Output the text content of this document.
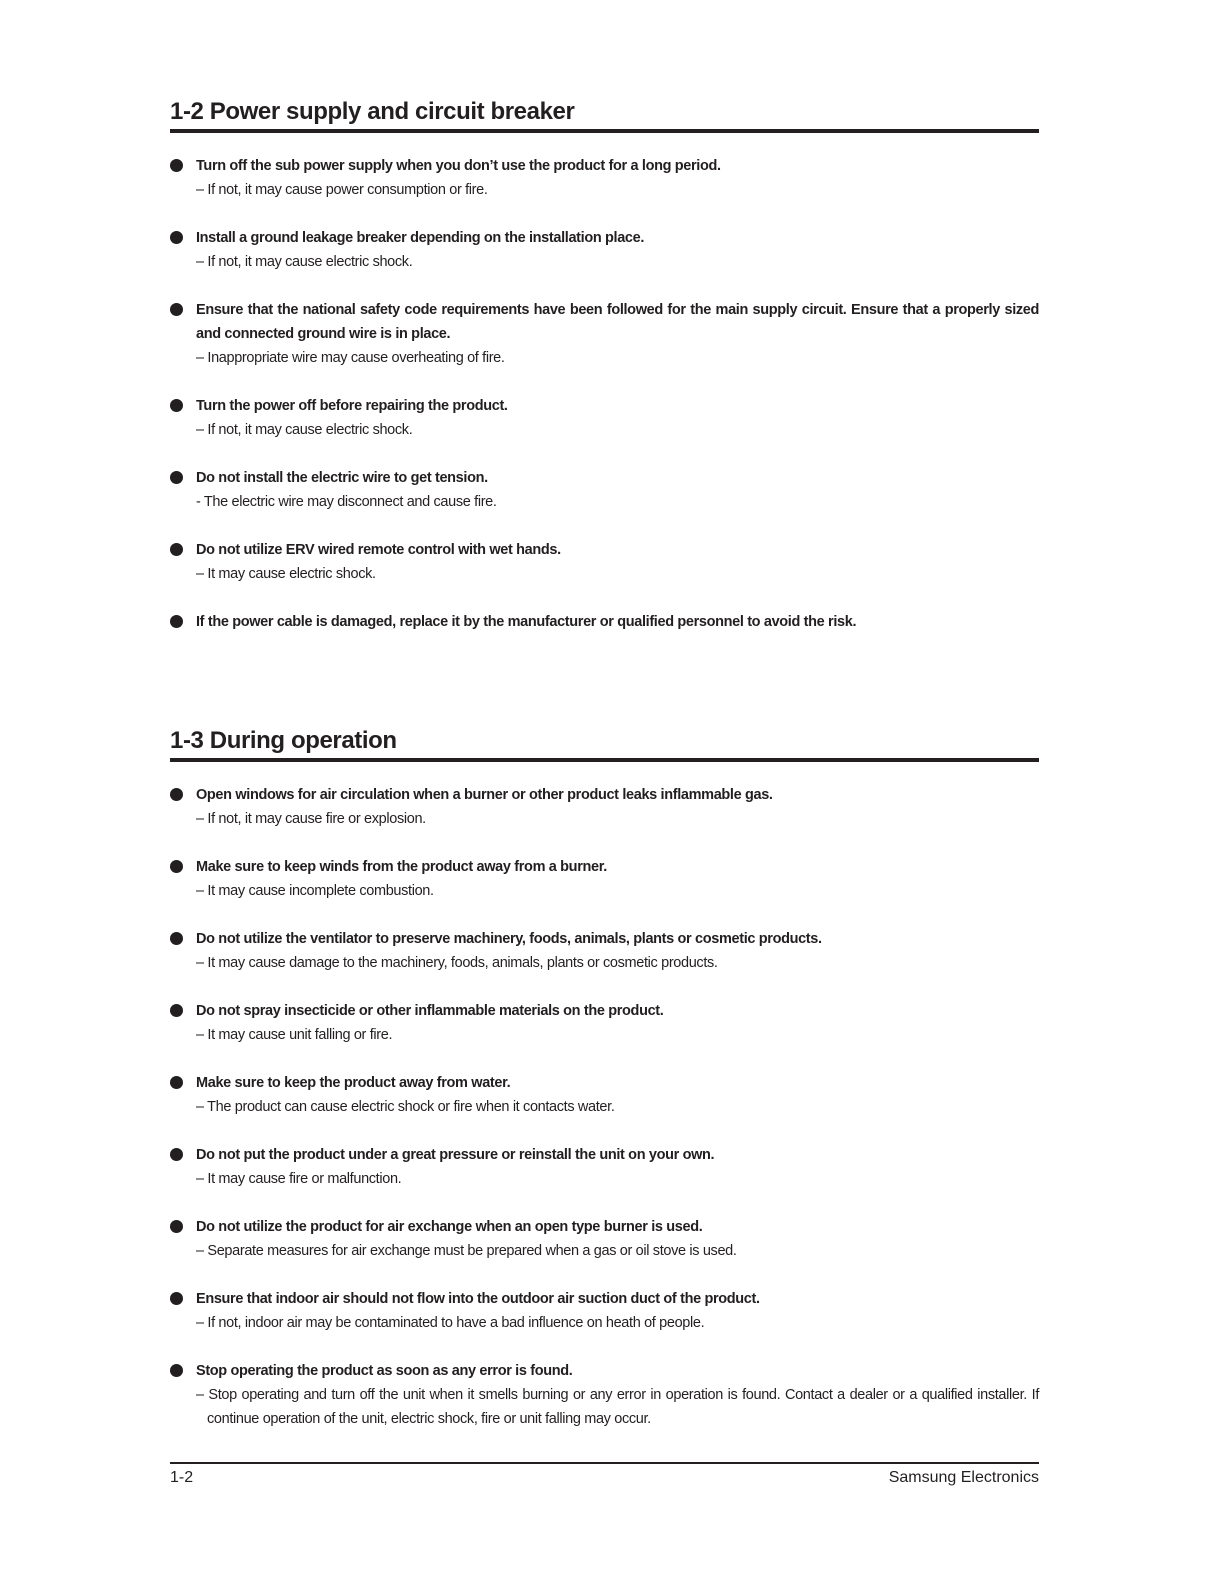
1-2 Power supply and circuit breaker
Turn off the sub power supply when you don’t use the product for a long period.
– If not, it may cause power consumption or fire.
Install a ground leakage breaker depending on the installation place.
– If not, it may cause electric shock.
Ensure that the national safety code requirements have been followed for the main supply circuit. Ensure that a properly sized and connected ground wire is in place.
– Inappropriate wire may cause overheating of fire.
Turn the power off before repairing the product.
– If not, it may cause electric shock.
Do not install the electric wire to get tension.
- The electric wire may disconnect and cause fire.
Do not utilize ERV wired remote control with wet hands.
– It may cause electric shock.
If the power cable is damaged, replace it by the manufacturer or qualified personnel to avoid the risk.
1-3 During operation
Open windows for air circulation when a burner or other product leaks inflammable gas.
– If not, it may cause fire or explosion.
Make sure to keep winds from the product away from a burner.
– It may cause incomplete combustion.
Do not utilize the ventilator to preserve machinery, foods, animals, plants or cosmetic products.
– It may cause damage to the machinery, foods, animals, plants or cosmetic products.
Do not spray insecticide or other inflammable materials on the product.
– It may cause unit falling or fire.
Make sure to keep the product away from water.
– The product can cause electric shock or fire when it contacts water.
Do not put the product under a great pressure or reinstall the unit on your own.
– It may cause fire or malfunction.
Do not utilize the product for air exchange when an open type burner is used.
– Separate measures for air exchange must be prepared when a gas or oil stove is used.
Ensure that indoor air should not flow into the outdoor air suction duct of the product.
– If not, indoor air may be contaminated to have a bad influence on heath of people.
Stop operating the product as soon as any error is found.
– Stop operating and turn off the unit when it smells burning or any error in operation is found. Contact a dealer or a qualified installer. If continue operation of the unit, electric shock, fire or unit falling may occur.
1-2	Samsung Electronics
